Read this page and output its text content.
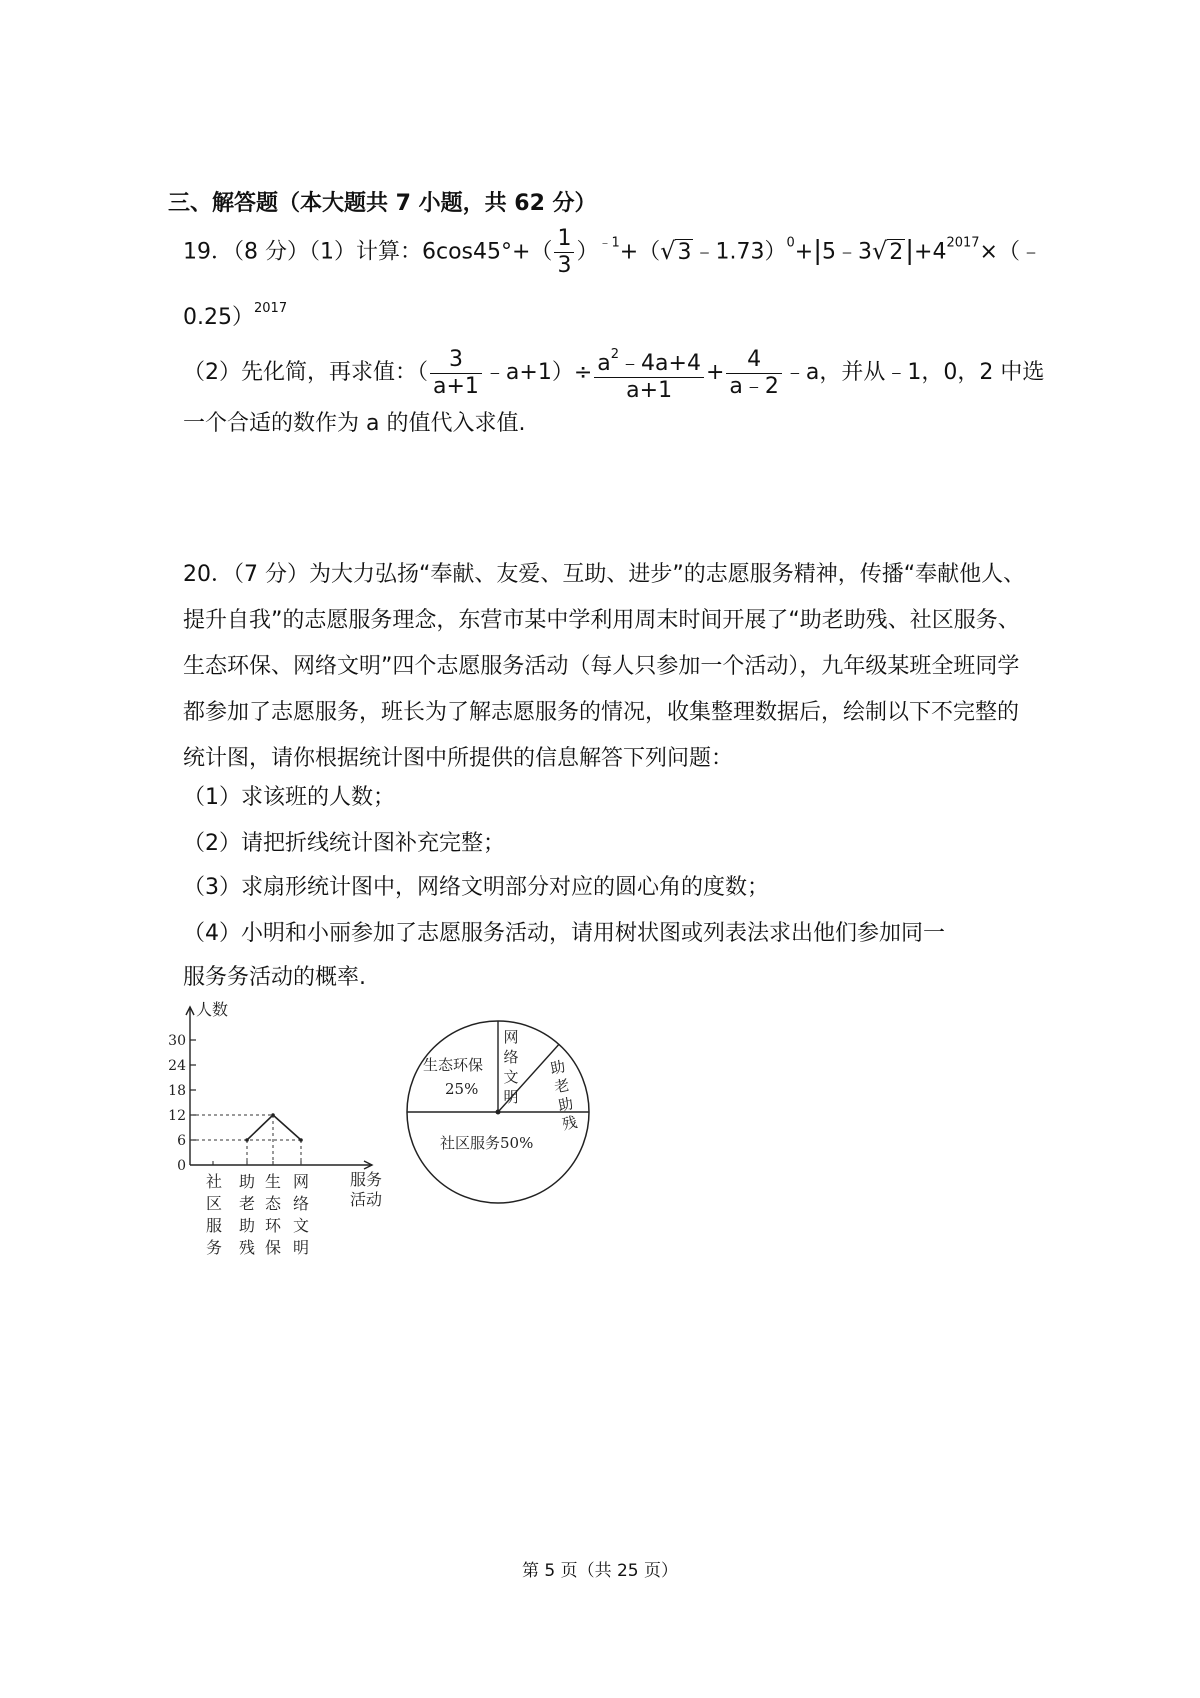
三、解答题（本大题共 7 小题，共 62 分）
19．（8 分）（1）计算：$6\cos 45^\circ+( \frac{1}{3}$ ）$^{﹣1}+(√3﹣1.73)^0+|5﹣3√2|+4^{2017}\times(﹣$
0.25）$^{2017}$
（2）先化简，再求值：（ $\frac{3}{a+1}$ ﹣a+1）÷ $\frac{a^2﹣4a+4}{a+1} + \frac{4}{a﹣2}$ ﹣a，并从﹣1，0，2 中选
一个合适的数作为 a 的值代入求值.
20．（7 分）为大力弘扬“奉献、友爱、互助、进步”的志愿服务精神，传播“奉献他人、提升自我”的志愿服务理念，东营市某中学利用周末时间开展了“助老助残、社区服务、生态环保、网络文明”四个志愿服务活动（每人只参加一个活动），九年级某班全班同学都参加了志愿服务，班长为了解志愿服务的情况，收集整理数据后，绘制以下不完整的统计图，请你根据统计图中所提供的信息解答下列问题：
（1）求该班的人数；
（2）请把折线统计图补充完整；
（3）求扇形统计图中，网络文明部分对应的圆心角的度数；
（4）小明和小丽参加了志愿服务活动，请用树状图或列表法求出他们参加同一
服务务活动的概率.
人数
0
6
12
18
24
30
社
区
服
务
助
老
助
残
生
态
环
保
网
络
文
明
服务
活动
社区服务50%
生态环保
25%
网
络
文
明
助
老
助
残
第 5 页（共 25 页）
